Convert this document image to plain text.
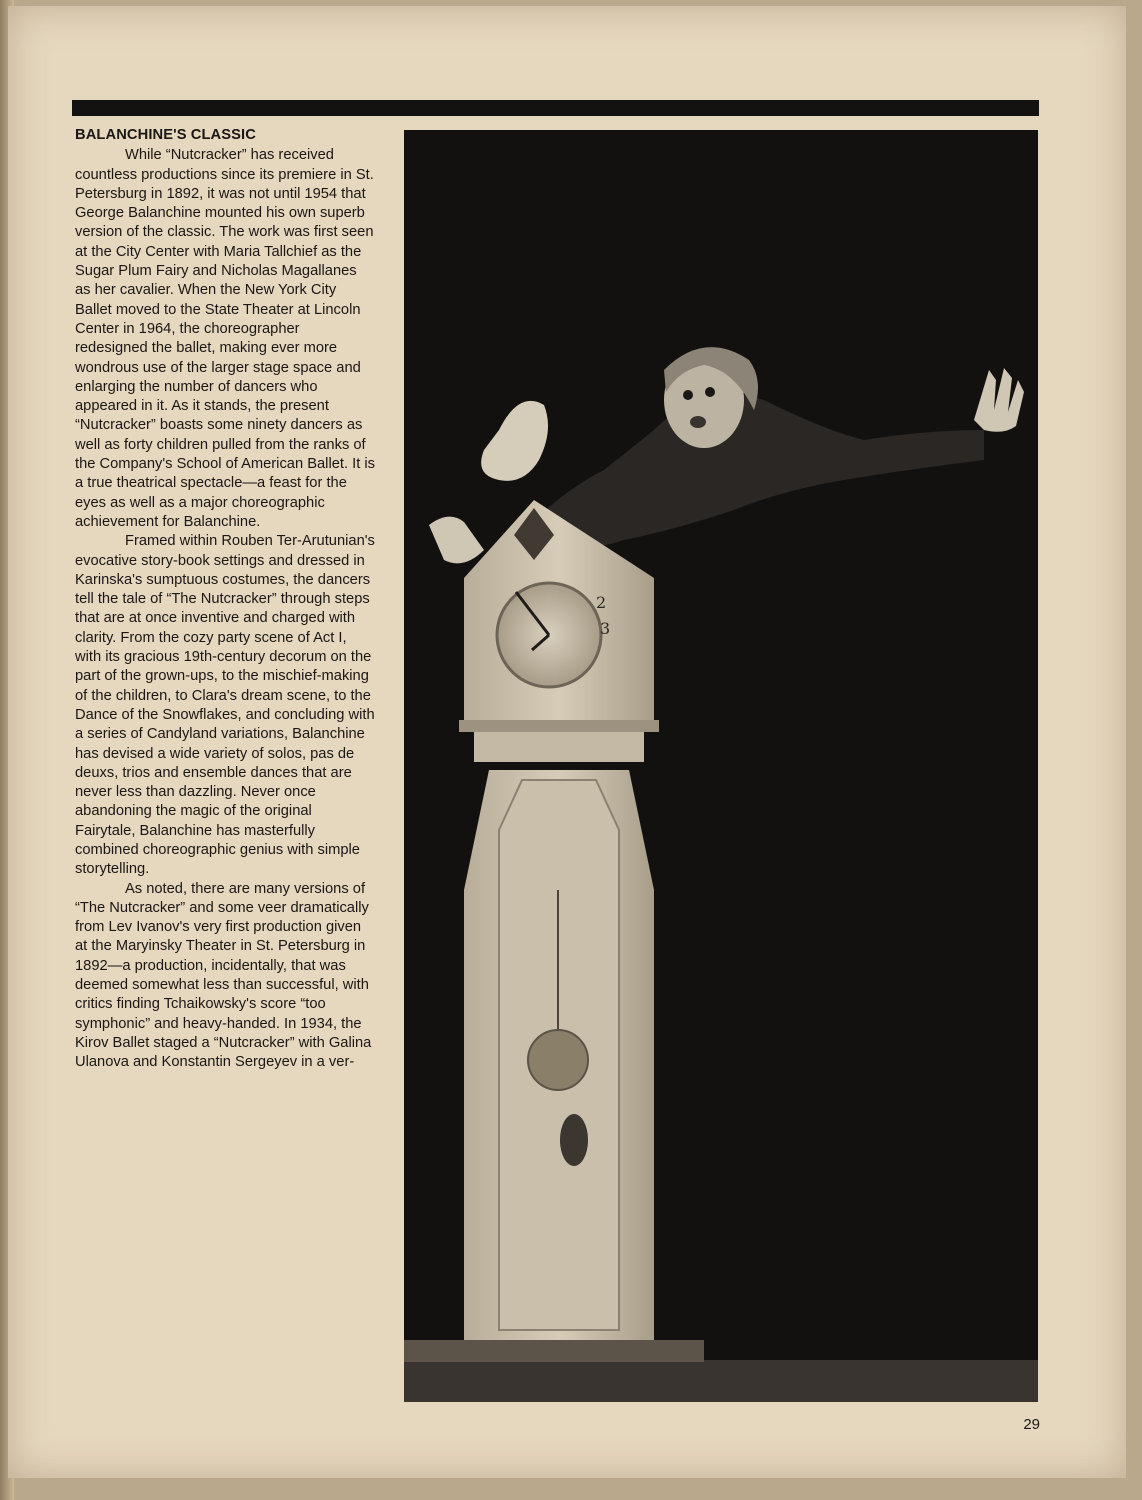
BALANCHINE'S CLASSIC

While “Nutcracker” has received countless productions since its premiere in St. Petersburg in 1892, it was not until 1954 that George Balanchine mounted his own superb version of the classic. The work was first seen at the City Center with Maria Tallchief as the Sugar Plum Fairy and Nicholas Magallanes as her cavalier. When the New York City Ballet moved to the State Theater at Lincoln Center in 1964, the choreographer redesigned the ballet, making ever more wondrous use of the larger stage space and enlarging the number of dancers who appeared in it. As it stands, the present “Nutcracker” boasts some ninety dancers as well as forty children pulled from the ranks of the Company's School of American Ballet. It is a true theatrical spectacle—a feast for the eyes as well as a major choreographic achievement for Balanchine.

Framed within Rouben Ter-Arutunian's evocative story-book settings and dressed in Karinska's sumptuous costumes, the dancers tell the tale of “The Nutcracker” through steps that are at once inventive and charged with clarity. From the cozy party scene of Act I, with its gracious 19th-century decorum on the part of the grown-ups, to the mischief-making of the children, to Clara's dream scene, to the Dance of the Snowflakes, and concluding with a series of Candyland variations, Balanchine has devised a wide variety of solos, pas de deuxs, trios and ensemble dances that are never less than dazzling. Never once abandoning the magic of the original Fairytale, Balanchine has masterfully combined choreographic genius with simple storytelling.

As noted, there are many versions of “The Nutcracker” and some veer dramatically from Lev Ivanov's very first production given at the Maryinsky Theater in St. Petersburg in 1892—a production, incidentally, that was deemed somewhat less than successful, with critics finding Tchaikowsky's score “too symphonic” and heavy-handed. In 1934, the Kirov Ballet staged a “Nutcracker” with Galina Ulanova and Konstantin Sergeyev in a ver-

2
3
29
